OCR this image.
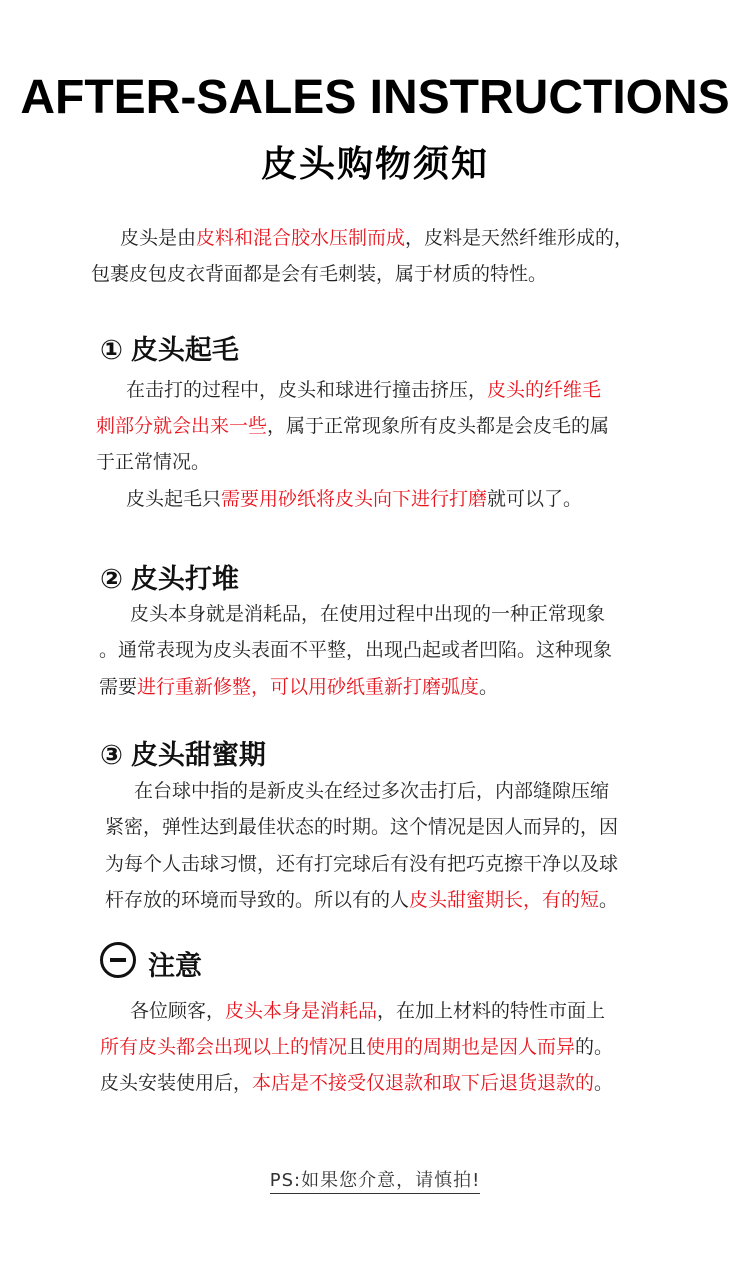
AFTER-SALES INSTRUCTIONS
皮头购物须知
皮头是由皮料和混合胶水压制而成，皮料是天然纤维形成的，
包裹皮包皮衣背面都是会有毛刺装，属于材质的特性。
① 皮头起毛
在击打的过程中，皮头和球进行撞击挤压，皮头的纤维毛
刺部分就会出来一些，属于正常现象所有皮头都是会皮毛的属
于正常情况。
皮头起毛只需要用砂纸将皮头向下进行打磨就可以了。
② 皮头打堆
皮头本身就是消耗品，在使用过程中出现的一种正常现象
。通常表现为皮头表面不平整，出现凸起或者凹陷。这种现象
需要进行重新修整，可以用砂纸重新打磨弧度。
③ 皮头甜蜜期
在台球中指的是新皮头在经过多次击打后，内部缝隙压缩
紧密，弹性达到最佳状态的时期。这个情况是因人而异的，因
为每个人击球习惯，还有打完球后有没有把巧克擦干净以及球
杆存放的环境而导致的。所以有的人皮头甜蜜期长，有的短。
注意
各位顾客，皮头本身是消耗品，在加上材料的特性市面上
所有皮头都会出现以上的情况且使用的周期也是因人而异的。
皮头安装使用后，本店是不接受仅退款和取下后退货退款的。
PS:如果您介意，请慎拍!
